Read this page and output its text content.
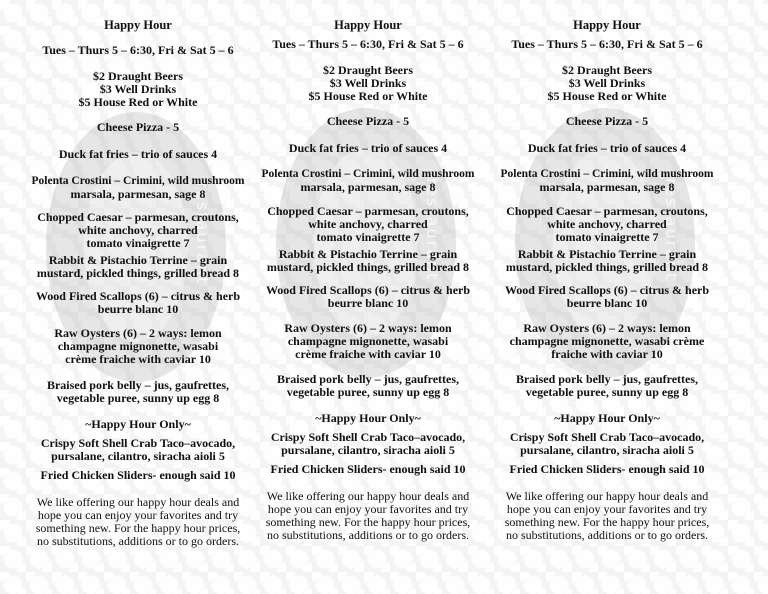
restaurant
Happy Hour
Tues – Thurs 5 – 6:30, Fri & Sat 5 – 6
$2 Draught Beers
$3 Well Drinks
$5 House Red or White
Cheese Pizza - 5
Duck fat fries – trio of sauces 4
Polenta Crostini – Crimini, wild mushroom
marsala, parmesan, sage 8
Chopped Caesar – parmesan, croutons,
white anchovy, charred
tomato vinaigrette 7
Rabbit & Pistachio Terrine – grain
mustard, pickled things, grilled bread 8
Wood Fired Scallops (6) – citrus & herb
beurre blanc 10
Raw Oysters (6) – 2 ways: lemon
champagne mignonette, wasabi
crème fraiche with caviar 10
Braised pork belly – jus, gaufrettes,
vegetable puree, sunny up egg 8
~Happy Hour Only~
Crispy Soft Shell Crab Taco–avocado,
pursalane, cilantro, siracha aioli 5
Fried Chicken Sliders- enough said 10
We like offering our happy hour deals and
hope you can enjoy your favorites and try
something new. For the happy hour prices,
no substitutions, additions or to go orders.
restaurant
Happy Hour
Tues – Thurs 5 – 6:30, Fri & Sat 5 – 6
$2 Draught Beers
$3 Well Drinks
$5 House Red or White
Cheese Pizza - 5
Duck fat fries – trio of sauces 4
Polenta Crostini – Crimini, wild mushroom
marsala, parmesan, sage 8
Chopped Caesar – parmesan, croutons,
white anchovy, charred
tomato vinaigrette 7
Rabbit & Pistachio Terrine – grain
mustard, pickled things, grilled bread 8
Wood Fired Scallops (6) – citrus & herb
beurre blanc 10
Raw Oysters (6) – 2 ways: lemon
champagne mignonette, wasabi
crème fraiche with caviar 10
Braised pork belly – jus, gaufrettes,
vegetable puree, sunny up egg 8
~Happy Hour Only~
Crispy Soft Shell Crab Taco–avocado,
pursalane, cilantro, siracha aioli 5
Fried Chicken Sliders- enough said 10
We like offering our happy hour deals and
hope you can enjoy your favorites and try
something new. For the happy hour prices,
no substitutions, additions or to go orders.
restaurant
Happy Hour
Tues – Thurs 5 – 6:30, Fri & Sat 5 – 6
$2 Draught Beers
$3 Well Drinks
$5 House Red or White
Cheese Pizza - 5
Duck fat fries – trio of sauces 4
Polenta Crostini – Crimini, wild mushroom
marsala, parmesan, sage 8
Chopped Caesar – parmesan, croutons,
white anchovy, charred
tomato vinaigrette 7
Rabbit & Pistachio Terrine – grain
mustard, pickled things, grilled bread 8
Wood Fired Scallops (6) – citrus & herb
beurre blanc 10
Raw Oysters (6) – 2 ways: lemon
champagne mignonette, wasabi crème
fraiche with caviar 10
Braised pork belly – jus, gaufrettes,
vegetable puree, sunny up egg 8
~Happy Hour Only~
Crispy Soft Shell Crab Taco–avocado,
pursalane, cilantro, siracha aioli 5
Fried Chicken Sliders- enough said 10
We like offering our happy hour deals and
hope you can enjoy your favorites and try
something new. For the happy hour prices,
no substitutions, additions or to go orders.
